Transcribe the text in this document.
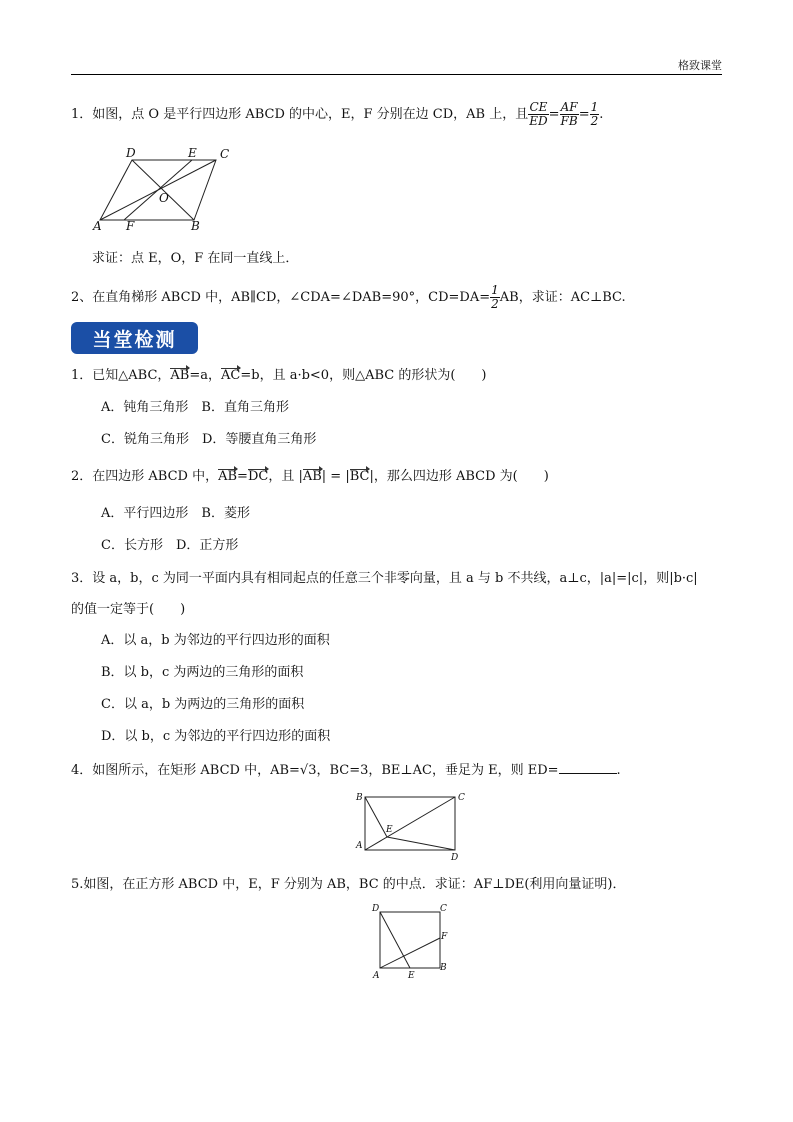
格致课堂
1．如图，点 O 是平行四边形 ABCD 的中心，E，F 分别在边 CD，AB 上，且 $\frac{CE}{ED} = \frac{AF}{FB} = \frac{1}{2}$ .
D	E C
O
A F	B
求证：点 E，O，F 在同一直线上．
2、在直角梯形 ABCD 中，AB∥CD，∠CDA=∠DAB=90°，$CD=DA= \frac{1}{2}$ AB，求证：AC⊥BC.
当堂检测
1．已知△ABC，AB=a，AC=b，且 a·b<0，则△ABC 的形状为(　　)
A．钝角三角形　B．直角三角形
C．锐角三角形　D．等腰直角三角形
2．在四边形 ABCD 中，AB=DC，且 |AB| = |BC|，那么四边形 ABCD 为(　　)
A．平行四边形　B．菱形
C．长方形　D．正方形
3．设 a，b，c 为同一平面内具有相同起点的任意三个非零向量，且 a 与 b 不共线，a⊥c，|a|=|c|，则|b·c|
的值一定等于(　　)
A．以 a，b 为邻边的平行四边形的面积
B．以 b，c 为两边的三角形的面积
C．以 a，b 为两边的三角形的面积
D．以 b，c 为邻边的平行四边形的面积
4．如图所示，在矩形 ABCD 中，AB=√3，BC=3，BE⊥AC，垂足为 E，则 ED=	.
B	C
E
A
D
5.如图，在正方形 ABCD 中，E，F 分别为 AB，BC 的中点．求证：AF⊥DE(利用向量证明)．
D	C
F
A	E
B
